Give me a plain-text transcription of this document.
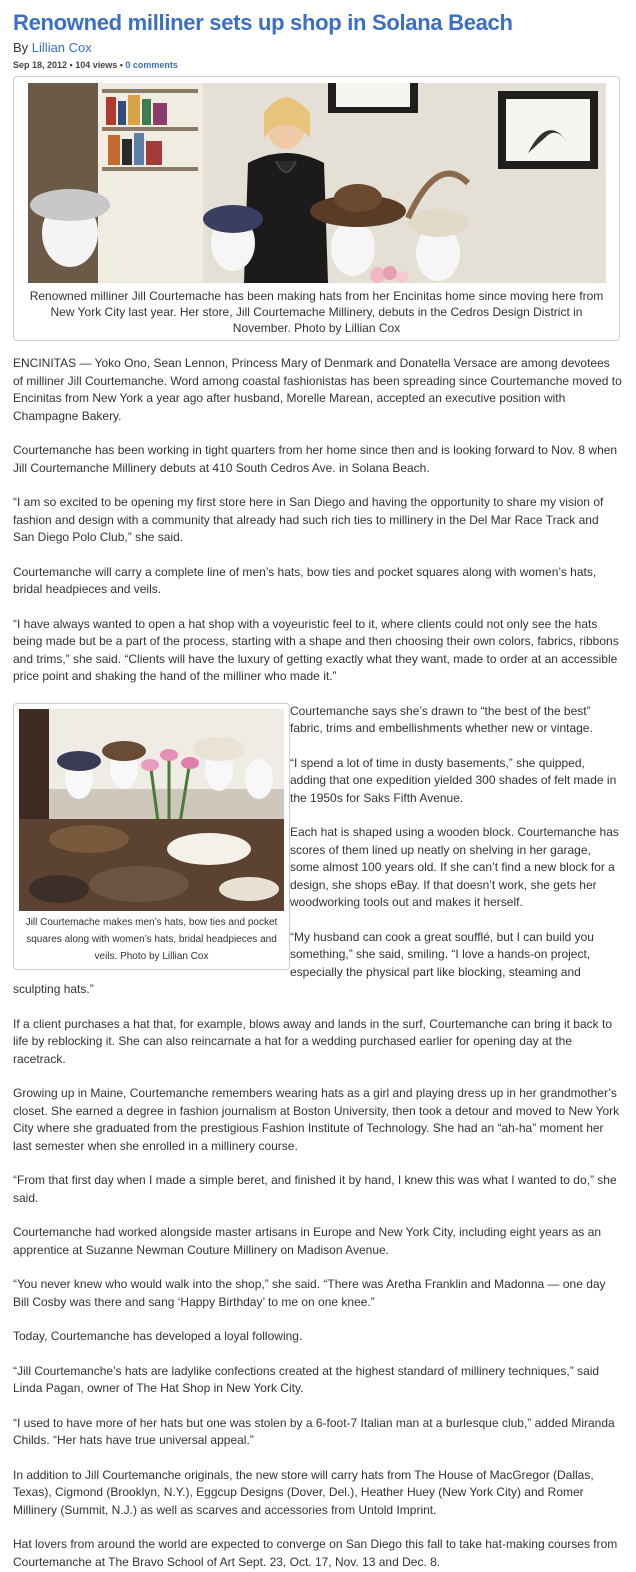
Renowned milliner sets up shop in Solana Beach
By Lillian Cox
Sep 18, 2012 • 104 views • 0 comments
Renowned milliner Jill Courtemache has been making hats from her Encinitas home since moving here from New York City last year. Her store, Jill Courtemache Millinery, debuts in the Cedros Design District in November. Photo by Lillian Cox

ENCINITAS — Yoko Ono, Sean Lennon, Princess Mary of Denmark and Donatella Versace are among devotees of milliner Jill Courtemanche. Word among coastal fashionistas has been spreading since Courtemanche moved to Encinitas from New York a year ago after husband, Morelle Marean, accepted an executive position with Champagne Bakery.

Courtemanche has been working in tight quarters from her home since then and is looking forward to Nov. 8 when Jill Courtemanche Millinery debuts at 410 South Cedros Ave. in Solana Beach.

“I am so excited to be opening my first store here in San Diego and having the opportunity to share my vision of fashion and design with a community that already had such rich ties to millinery in the Del Mar Race Track and San Diego Polo Club,” she said.

Courtemanche will carry a complete line of men’s hats, bow ties and pocket squares along with women’s hats, bridal headpieces and veils.

“I have always wanted to open a hat shop with a voyeuristic feel to it, where clients could not only see the hats being made but be a part of the process, starting with a shape and then choosing their own colors, fabrics, ribbons and trims,” she said. “Clients will have the luxury of getting exactly what they want, made to order at an accessible price point and shaking the hand of the milliner who made it.”

Jill Courtemache makes men’s hats, bow ties and pocket squares along with women’s hats, bridal headpieces and veils. Photo by Lillian Cox

Courtemanche says she’s drawn to “the best of the best” fabric, trims and embellishments whether new or vintage.

“I spend a lot of time in dusty basements,” she quipped, adding that one expedition yielded 300 shades of felt made in the 1950s for Saks Fifth Avenue.

Each hat is shaped using a wooden block. Courtemanche has scores of them lined up neatly on shelving in her garage, some almost 100 years old. If she can’t find a new block for a design, she shops eBay. If that doesn’t work, she gets her woodworking tools out and makes it herself.

“My husband can cook a great soufflé, but I can build you something,” she said, smiling. “I love a hands-on project, especially the physical part like blocking, steaming and sculpting hats.”

If a client purchases a hat that, for example, blows away and lands in the surf, Courtemanche can bring it back to life by reblocking it. She can also reincarnate a hat for a wedding purchased earlier for opening day at the racetrack.

Growing up in Maine, Courtemanche remembers wearing hats as a girl and playing dress up in her grandmother’s closet. She earned a degree in fashion journalism at Boston University, then took a detour and moved to New York City where she graduated from the prestigious Fashion Institute of Technology. She had an “ah-ha” moment her last semester when she enrolled in a millinery course.

“From that first day when I made a simple beret, and finished it by hand, I knew this was what I wanted to do,” she said.

Courtemanche had worked alongside master artisans in Europe and New York City, including eight years as an apprentice at Suzanne Newman Couture Millinery on Madison Avenue.

“You never knew who would walk into the shop,” she said. “There was Aretha Franklin and Madonna — one day Bill Cosby was there and sang ‘Happy Birthday’ to me on one knee.”

Today, Courtemanche has developed a loyal following.

“Jill Courtemanche’s hats are ladylike confections created at the highest standard of millinery techniques,” said Linda Pagan, owner of The Hat Shop in New York City.

“I used to have more of her hats but one was stolen by a 6-foot-7 Italian man at a burlesque club,” added Miranda Childs. “Her hats have true universal appeal.”

In addition to Jill Courtemanche originals, the new store will carry hats from The House of MacGregor (Dallas, Texas), Cigmond (Brooklyn, N.Y.), Eggcup Designs (Dover, Del.), Heather Huey (New York City) and Romer Millinery (Summit, N.J.) as well as scarves and accessories from Untold Imprint.

Hat lovers from around the world are expected to converge on San Diego this fall to take hat-making courses from Courtemanche at The Bravo School of Art Sept. 23, Oct. 17, Nov. 13 and Dec. 8.
